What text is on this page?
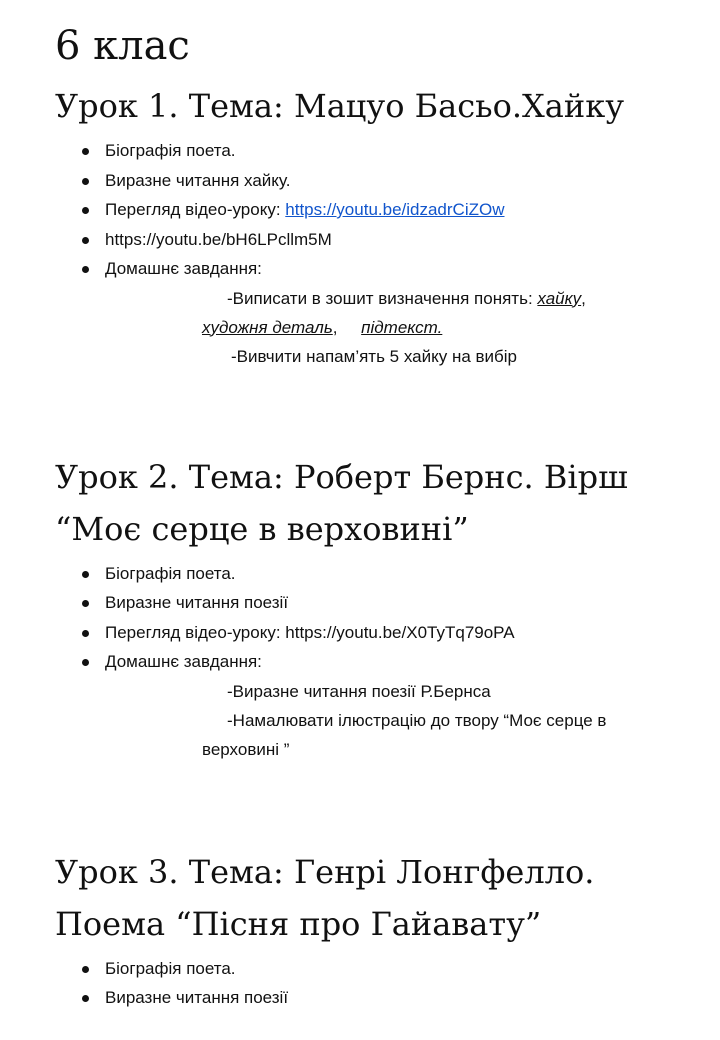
6 клас
Урок 1. Тема: Мацуо Басьо.Хайку
Біографія поета.
Виразне читання хайку.
Перегляд відео-уроку: https://youtu.be/idzadrCiZOw
https://youtu.be/bH6LPcllm5M
Домашнє завдання:
-Виписати в зошит визначення понять: хайку,
художня деталь, підтекст.
-Вивчити напам’ять 5 хайку на вибір
Урок 2. Тема: Роберт Бернс. Вірш “Моє серце в верховині”
Біографія поета.
Виразне читання поезії
Перегляд відео-уроку: https://youtu.be/X0TyTq79oPA
Домашнє завдання:
-Виразне читання поезії Р.Бернса
-Намалювати ілюстрацію до твору “Моє серце в
верховині ”
Урок 3. Тема: Генрі Лонгфелло. Поема “Пісня про Гайавату”
Біографія поета.
Виразне читання поезії
